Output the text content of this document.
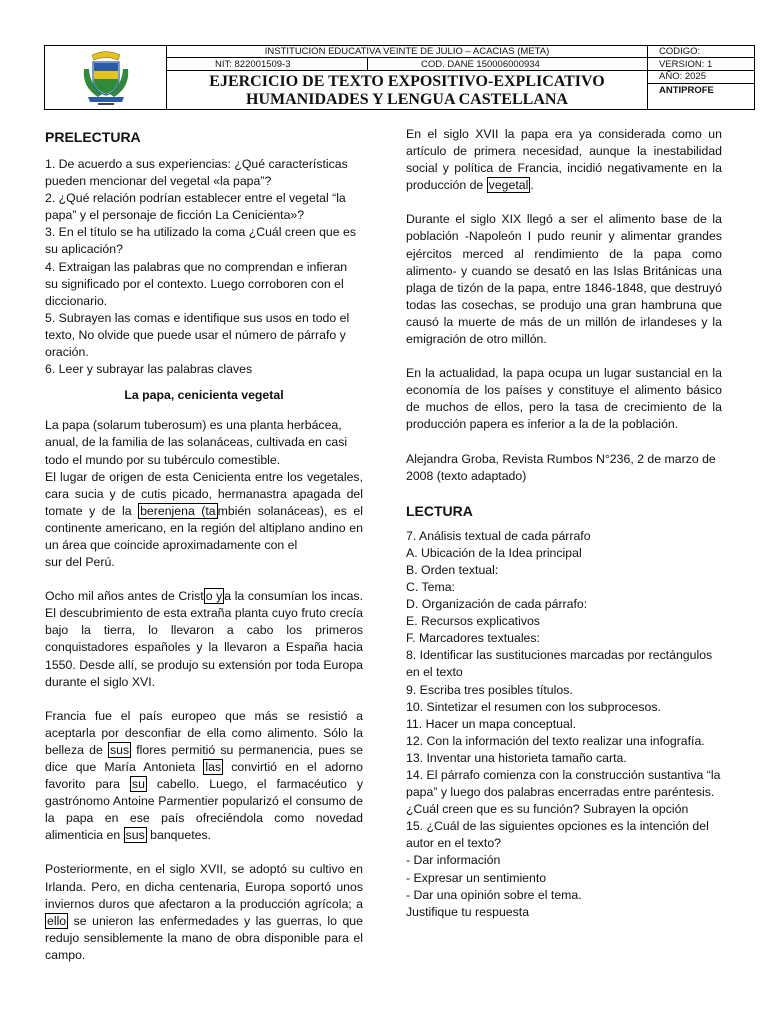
INSTITUCION EDUCATIVA VEINTE DE JULIO – ACACIAS (META)
NIT: 822001509-3	COD. DANE 150006000934
EJERCICIO DE TEXTO EXPOSITIVO-EXPLICATIVO
HUMANIDADES Y LENGUA CASTELLANA
CODIGO:
VERSION: 1
AÑO: 2025
ANTIPROFE

PRELECTURA

1. De acuerdo a sus experiencias: ¿Qué características pueden mencionar del vegetal «la papa”?

2. ¿Qué relación podrían establecer entre el vegetal “la papa” y el personaje de ficción La Cenicienta»?

3. En el título se ha utilizado la coma ¿Cuál creen que es su aplicación?

4. Extraigan las palabras que no comprendan e infieran su significado por el contexto. Luego corroboren con el diccionario.

5. Subrayen las comas e identifique sus usos en todo el texto, No olvide que puede usar el número de párrafo y oración.

6. Leer y subrayar las palabras claves

La papa, cenicienta vegetal

La papa (solarum tuberosum) es una planta herbácea, anual, de la familia de las solanáceas, cultivada en casi todo el mundo por su tubérculo comestible.

El lugar de origen de esta Cenicienta entre los vegetales, cara sucia y de cutis picado, hermanastra apagada del tomate y de la berenjena (ta mbién solanáceas), es el continente americano, en la región del altiplano andino en un área que coincide aproximadamente con el

sur del Perú.

Ocho mil años antes de Crist o y a la consumían los incas. El descubrimiento de esta extraña planta cuyo fruto crecía bajo la tierra, lo llevaron a cabo los primeros conquistadores españoles y la llevaron a España hacia 1550. Desde allí, se produjo su extensión por toda Europa durante el siglo XVI.

Francia fue el país europeo que más se resistió a aceptarla por desconfiar de ella como alimento. Sólo la belleza de sus flores permitió su permanencia, pues se dice que María Antonieta las convirtió en el adorno favorito para su cabello. Luego, el farmacéutico y gastrónomo Antoine Parmentier popularizó el consumo de la papa en ese país ofreciéndola como novedad alimenticia en sus banquetes.

Posteriormente, en el siglo XVII, se adoptó su cultivo en Irlanda. Pero, en dicha centenaria, Europa soportó unos inviernos duros que afectaron a la producción agrícola; a ello se unieron las enfermedades y las guerras, lo que redujo sensiblemente la mano de obra disponible para el campo.

En el siglo XVII la papa era ya considerada como un artículo de primera necesidad, aunque la inestabilidad social y política de Francia, incidió negativamente en la producción de vegetal .

Durante el siglo XIX llegó a ser el alimento base de la población -Napoleón I pudo reunir y alimentar grandes ejércitos merced al rendimiento de la papa como alimento- y cuando se desató en las Islas Británicas una plaga de tizón de la papa, entre 1846-1848, que destruyó todas las cosechas, se produjo una gran hambruna que causó la muerte de más de un millón de irlandeses y la emigración de otro millón.

En la actualidad, la papa ocupa un lugar sustancial en la economía de los países y constituye el alimento básico de muchos de ellos, pero la tasa de crecimiento de la producción papera es inferior a la de la población.

Alejandra Groba, Revista Rumbos N°236, 2 de marzo de 2008 (texto adaptado)

LECTURA

7. Análisis textual de cada párrafo

A. Ubicación de la Idea principal

B. Orden textual:

C. Tema:

D. Organización de cada párrafo:

E. Recursos explicativos

F. Marcadores textuales:

8. Identificar las sustituciones marcadas por rectángulos en el texto

9. Escriba tres posibles títulos.

10. Sintetizar el resumen con los subprocesos.

11. Hacer un mapa conceptual.

12. Con la información del texto realizar una infografía.

13. Inventar una historieta tamaño carta.

14. El párrafo comienza con la construcción sustantiva “la papa” y luego dos palabras encerradas entre paréntesis. ¿Cuál creen que es su función? Subrayen la opción

15. ¿Cuál de las siguientes opciones es la intención del autor en el texto?

- Dar información

- Expresar un sentimiento

- Dar una opinión sobre el tema.

Justifique tu respuesta
